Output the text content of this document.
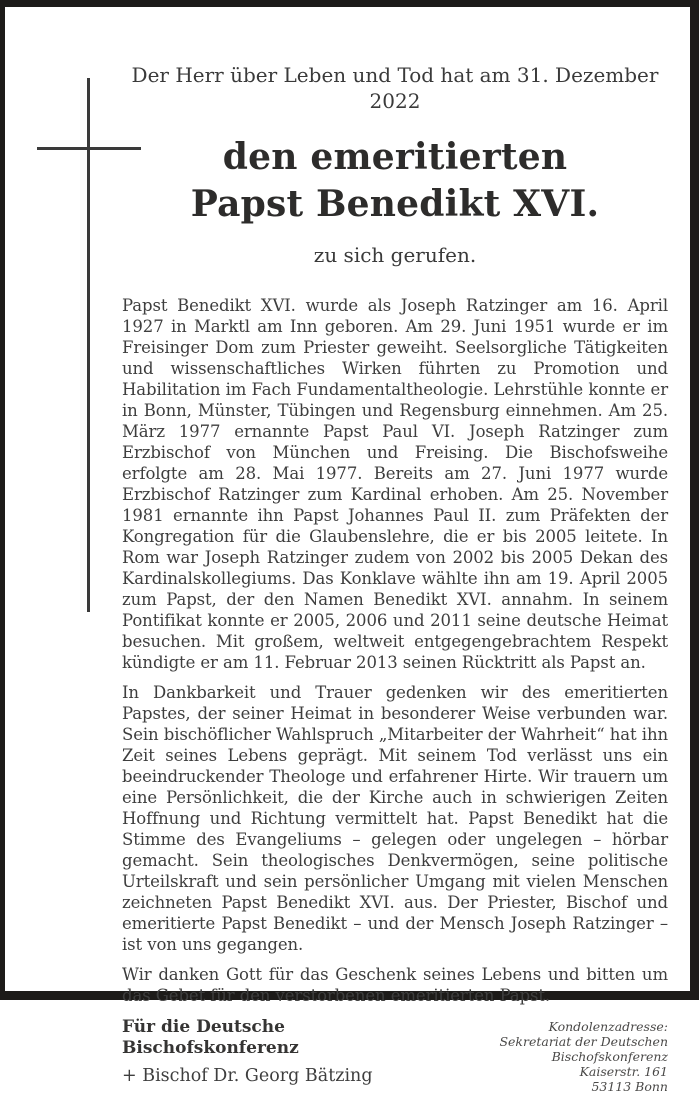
Der Herr über Leben und Tod hat am 31. Dezember 2022

den emeritierten
Papst Benedikt XVI.

zu sich gerufen.

Papst Benedikt XVI. wurde als Joseph Ratzinger am 16. April 1927 in Marktl am Inn geboren. Am 29. Juni 1951 wurde er im Freisinger Dom zum Priester geweiht. Seelsorgliche Tätigkeiten und wissenschaftliches Wirken führten zu Promotion und Habilitation im Fach Fundamentaltheologie. Lehrstühle konnte er in Bonn, Münster, Tübingen und Regensburg einnehmen. Am 25. März 1977 ernannte Papst Paul VI. Joseph Ratzinger zum Erzbischof von München und Freising. Die Bischofsweihe erfolgte am 28. Mai 1977. Bereits am 27. Juni 1977 wurde Erzbischof Ratzinger zum Kardinal erhoben. Am 25. November 1981 ernannte ihn Papst Johannes Paul II. zum Präfekten der Kongregation für die Glaubenslehre, die er bis 2005 leitete. In Rom war Joseph Ratzinger zudem von 2002 bis 2005 Dekan des Kardinalskollegiums. Das Konklave wählte ihn am 19. April 2005 zum Papst, der den Namen Benedikt XVI. annahm. In seinem Pontifikat konnte er 2005, 2006 und 2011 seine deutsche Heimat besuchen. Mit großem, weltweit entgegengebrachtem Respekt kündigte er am 11. Februar 2013 seinen Rücktritt als Papst an.

In Dankbarkeit und Trauer gedenken wir des emeritierten Papstes, der seiner Heimat in besonderer Weise verbunden war. Sein bischöflicher Wahlspruch „Mitarbeiter der Wahrheit“ hat ihn Zeit seines Lebens geprägt. Mit seinem Tod verlässt uns ein beeindruckender Theologe und erfahrener Hirte. Wir trauern um eine Persönlichkeit, die der Kirche auch in schwierigen Zeiten Hoffnung und Richtung vermittelt hat. Papst Benedikt hat die Stimme des Evangeliums – gelegen oder ungelegen – hörbar gemacht. Sein theologisches Denkvermögen, seine politische Urteilskraft und sein persönlicher Umgang mit vielen Menschen zeichneten Papst Benedikt XVI. aus. Der Priester, Bischof und emeritierte Papst Benedikt – und der Mensch Joseph Ratzinger – ist von uns gegangen.

Wir danken Gott für das Geschenk seines Lebens und bitten um das Gebet für den verstorbenen emeritierten Papst.

Für die Deutsche Bischofskonferenz

+ Bischof Dr. Georg Bätzing

Kondolenzadresse:

Sekretariat der Deutschen Bischofskonferenz

Kaiserstr. 161

53113 Bonn
